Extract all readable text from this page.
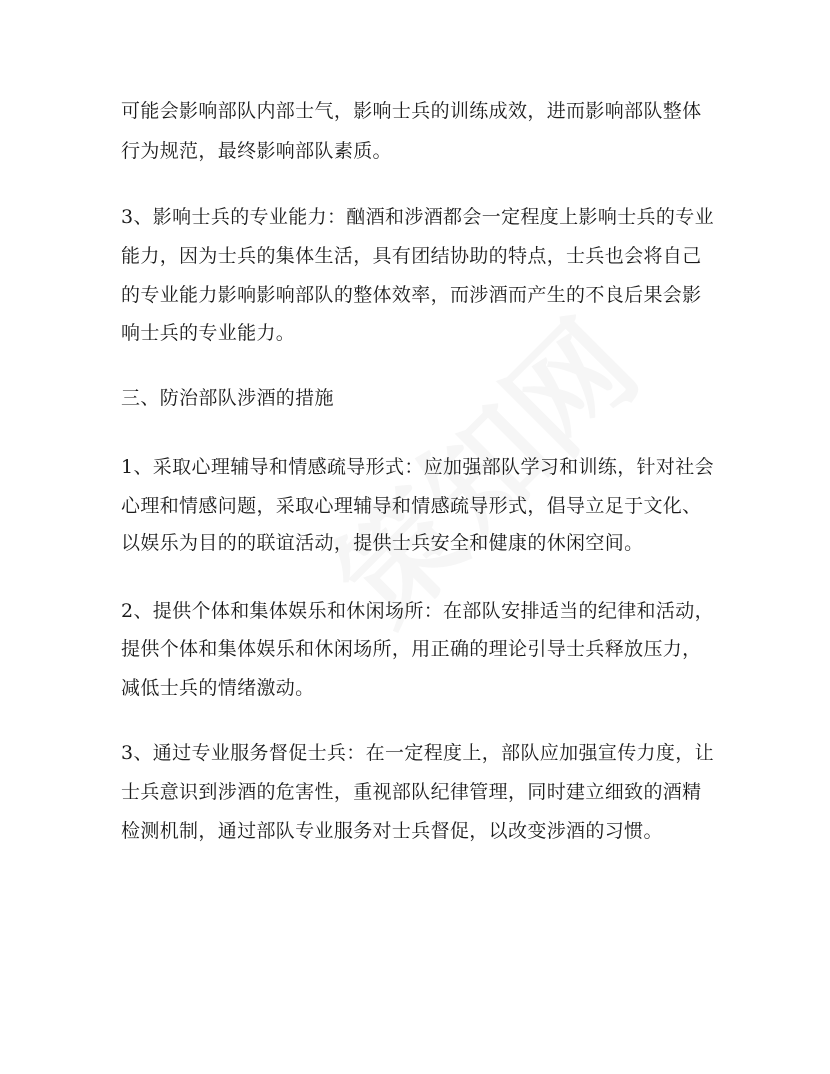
可能会影响部队内部士气，影响士兵的训练成效，进而影响部队整体
行为规范，最终影响部队素质。
3、影响士兵的专业能力：酗酒和涉酒都会一定程度上影响士兵的专业
能力，因为士兵的集体生活，具有团结协助的特点，士兵也会将自己
的专业能力影响影响部队的整体效率，而涉酒而产生的不良后果会影
响士兵的专业能力。
三、防治部队涉酒的措施
1、采取心理辅导和情感疏导形式：应加强部队学习和训练，针对社会
心理和情感问题，采取心理辅导和情感疏导形式，倡导立足于文化、
以娱乐为目的的联谊活动，提供士兵安全和健康的休闲空间。
2、提供个体和集体娱乐和休闲场所：在部队安排适当的纪律和活动，
提供个体和集体娱乐和休闲场所，用正确的理论引导士兵释放压力，
减低士兵的情绪激动。
3、通过专业服务督促士兵：在一定程度上，部队应加强宣传力度，让
士兵意识到涉酒的危害性，重视部队纪律管理，同时建立细致的酒精
检测机制，通过部队专业服务对士兵督促，以改变涉酒的习惯。
